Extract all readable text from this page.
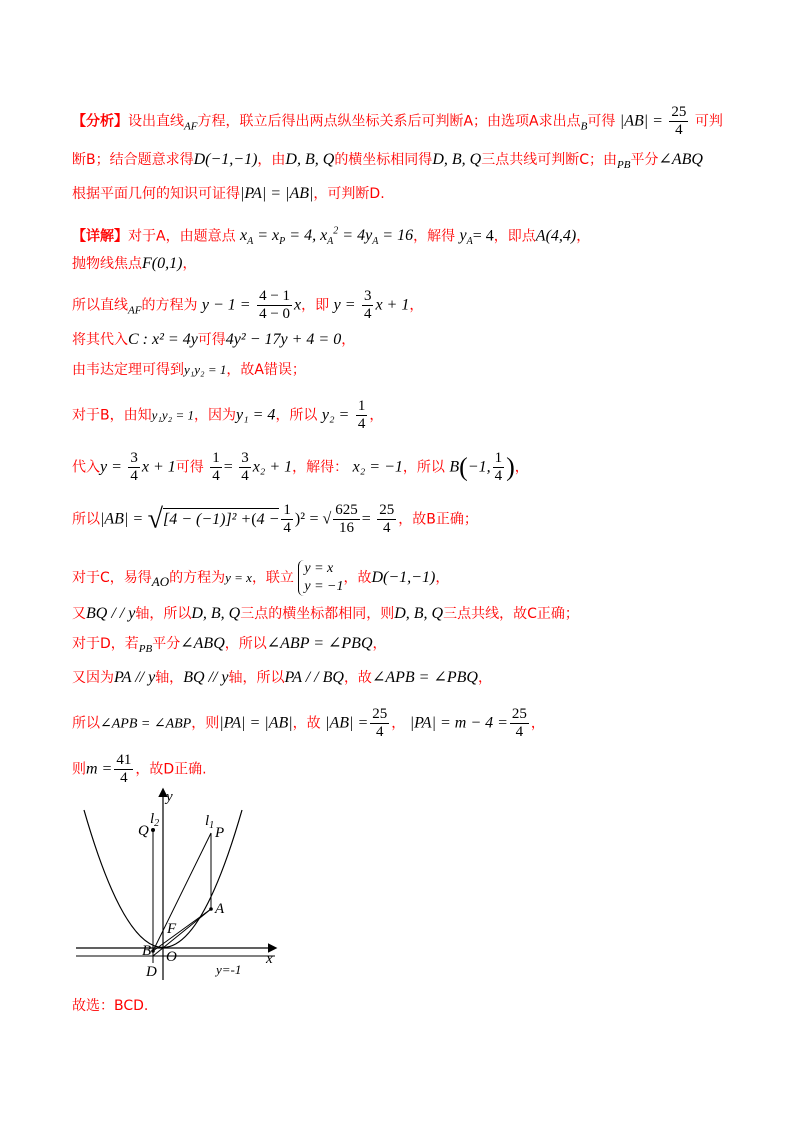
【分析】设出直线$_{AF}$方程，联立后得出两点纵坐标关系后可判断A；由选项A求出点$_B$可得 $|AB| = \frac{25}{4}$ 可判
断B；结合题意求得D(−1,−1)，由D, B, Q的横坐标相同得D, B, Q三点共线可判断C；由$_{PB}$平分∠ABQ
根据平面几何的知识可证得|PA| = |AB|，可判断D.
【详解】对于A，由题意点 $x_A = x_P = 4$, $x_A^2 = 4y_A = 16$，解得 $y_A= 4$，即点A(4,4)，
抛物线焦点F(0,1)，
所以直线$_{AF}$的方程为 $y - 1 = \frac{4 - 1}{4 - 0}$ x，即 $y = \frac{3}{4}$ x + 1，
将其代入C : x² = 4y可得4y² − 17y + 4 = 0，
由韦达定理可得到y₁y₂ = 1，故A错误；
对于B，由知y₁y₂ = 1，因为y₁ = 4，所以 $y_2 = \frac{1}{4}$ ，
代入$y = \frac{3}{4}$ x + 1可得 $\frac{1}{4} = \frac{3}{4} x_2 + 1$，解得： x₂ = −1，所以 B(−1, $\frac{1}{4}$ )，
所以$|AB| = √[4 - (-1)]^2 +(4 - \frac{1}{4} )^2$ = √ $\frac{625}{16} = \frac{25}{4}$ ，故B正确；
对于C，易得AO的方程为y = x，联立
y = x
y = −1
，故D(−1,−1)，
又BQ / / y轴，所以D, B, Q三点的横坐标都相同，则D, B, Q三点共线，故C正确；
对于D，若$_{PB}$平分∠ABQ，所以∠ABP = ∠PBQ，
又因为PA // y轴，BQ // y轴，所以PA / / BQ，故∠APB = ∠PBQ，
所以∠APB = ∠ABP，则|PA| = |AB|，故 $|AB| = \frac{25}{4}$ ， $|PA| = m - 4 = \frac{25}{4}$ ，
则$m = \frac{41}{4}$ ，故D正确.
y
x
Q
$l_2$	$l_1$ P
A
F
B O
D	y=-1
故选：BCD.
